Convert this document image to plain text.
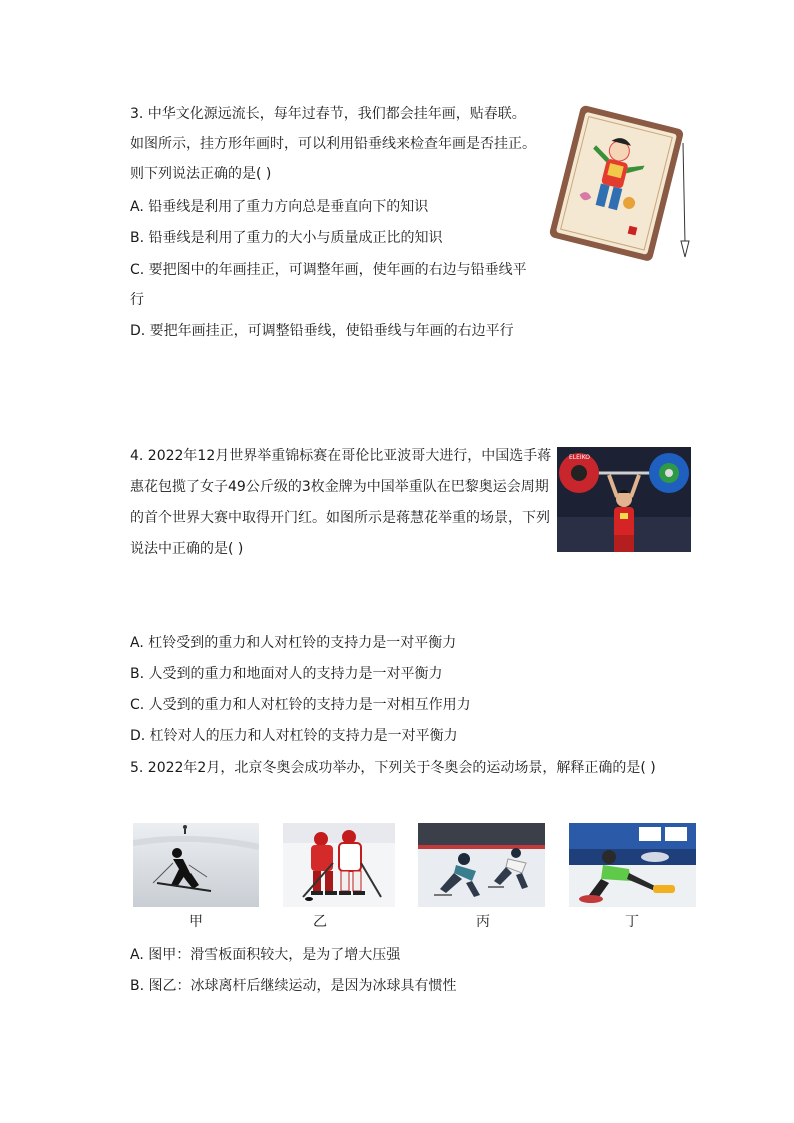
3. 中华文化源远流长，每年过春节，我们都会挂年画，贴春联。
如图所示，挂方形年画时，可以利用铅垂线来检查年画是否挂正。
则下列说法正确的是( )
A. 铅垂线是利用了重力方向总是垂直向下的知识
B. 铅垂线是利用了重力的大小与质量成正比的知识
C. 要把图中的年画挂正，可调整年画，使年画的右边与铅垂线平
行
D. 要把年画挂正，可调整铅垂线，使铅垂线与年画的右边平行
4. 2022年12月世界举重锦标赛在哥伦比亚波哥大进行，中国选手蒋
惠花包揽了女子49公斤级的3枚金牌为中国举重队在巴黎奥运会周期
的首个世界大赛中取得开门红。如图所示是蒋慧花举重的场景，下列
说法中正确的是( )
ELEIKO
A. 杠铃受到的重力和人对杠铃的支持力是一对平衡力
B. 人受到的重力和地面对人的支持力是一对平衡力
C. 人受到的重力和人对杠铃的支持力是一对相互作用力
D. 杠铃对人的压力和人对杠铃的支持力是一对平衡力
5. 2022年2月，北京冬奥会成功举办，下列关于冬奥会的运动场景，解释正确的是( )
甲	乙	丙	丁
A. 图甲：滑雪板面积较大，是为了增大压强
B. 图乙：冰球离杆后继续运动，是因为冰球具有惯性
